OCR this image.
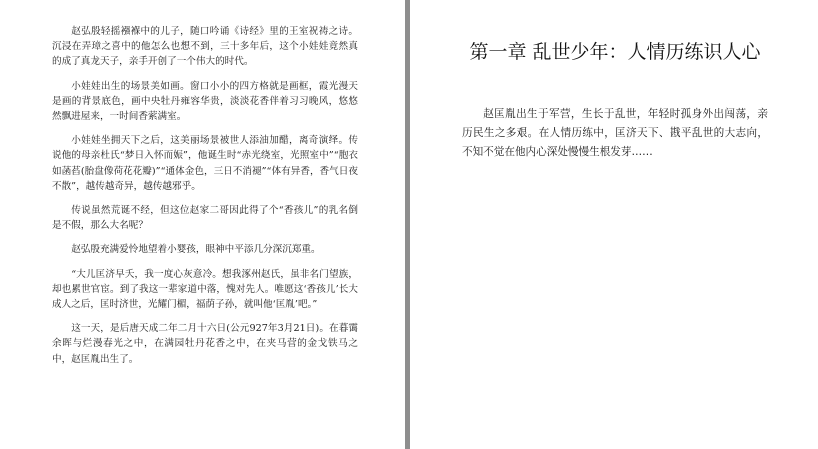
赵弘殷轻摇襁褓中的儿子，随口吟诵《诗经》里的王室祝祷之诗。沉浸在弄璋之喜中的他怎么也想不到，三十多年后，这个小娃娃竟然真的成了真龙天子，亲手开创了一个伟大的时代。

小娃娃出生的场景美如画。窗口小小的四方格就是画框，霞光漫天是画的背景底色，画中央牡丹雍容华贵，淡淡花香伴着习习晚风，悠悠然飘进屋来，一时间香萦满室。

小娃娃坐拥天下之后，这美丽场景被世人添油加醋，离奇演绎。传说他的母亲杜氏“梦日入怀而娠”，他诞生时“赤光绕室，光照室中”“胞衣如菡萏(胎盘像荷花花瓣)”“通体金色，三日不消褪”“体有异香，香气日夜不散”，越传越奇异，越传越邪乎。

传说虽然荒诞不经，但这位赵家二哥因此得了个“香孩儿”的乳名倒是不假，那么大名呢？

赵弘殷充满爱怜地望着小婴孩，眼神中平添几分深沉郑重。

“大儿匡济早夭，我一度心灰意冷。想我涿州赵氏，虽非名门望族，却也累世官宦。到了我这一辈家道中落，愧对先人。唯愿这‘香孩儿’长大成人之后，匡时济世，光耀门楣，福荫子孙，就叫他‘匡胤’吧。”

这一天，是后唐天成二年二月十六日(公元927年3月21日)。在暮霭余晖与烂漫春光之中，在满园牡丹花香之中，在夹马营的金戈铁马之中，赵匡胤出生了。

第一章 乱世少年：人情历练识人心

赵匡胤出生于军营，生长于乱世，年轻时孤身外出闯荡，亲历民生之多艰。在人情历练中，匡济天下、戡平乱世的大志向，不知不觉在他内心深处慢慢生根发芽……
